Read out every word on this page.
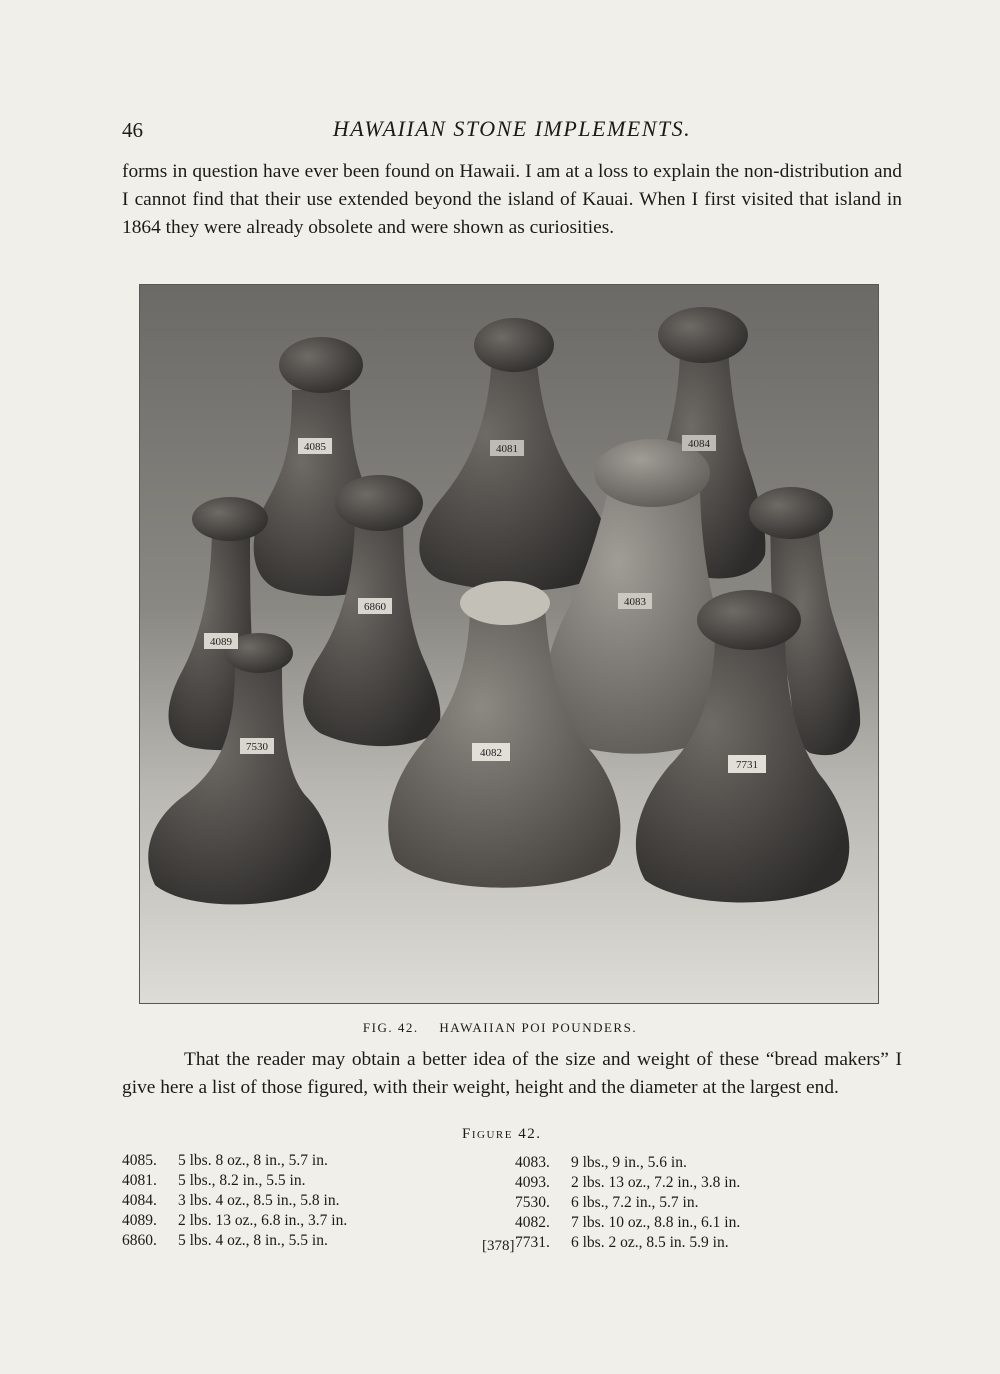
46	HAWAIIAN STONE IMPLEMENTS.

forms in question have ever been found on Hawaii. I am at a loss to explain the non-distribution and I cannot find that their use extended beyond the island of Kauai. When I first visited that island in 1864 they were already obsolete and were shown as curiosities.

4085	4081	4084
4089
6860	4083
7530	4082
7731
FIG. 42. HAWAIIAN POI POUNDERS.

That the reader may obtain a better idea of the size and weight of these “bread makers” I give here a list of those figured, with their weight, height and the diameter at the largest end.

Figure 42.
4085.	5 lbs. 8 oz., 8 in., 5.7 in.
4081.	5 lbs., 8.2 in., 5.5 in.
4084.	3 lbs. 4 oz., 8.5 in., 5.8 in.
4089.	2 lbs. 13 oz., 6.8 in., 3.7 in.
6860.	5 lbs. 4 oz., 8 in., 5.5 in.
4083.	9 lbs., 9 in., 5.6 in.
4093.	2 lbs. 13 oz., 7.2 in., 3.8 in.
7530.	6 lbs., 7.2 in., 5.7 in.
4082.	7 lbs. 10 oz., 8.8 in., 6.1 in.
7731.	6 lbs. 2 oz., 8.5 in. 5.9 in.
[378]
